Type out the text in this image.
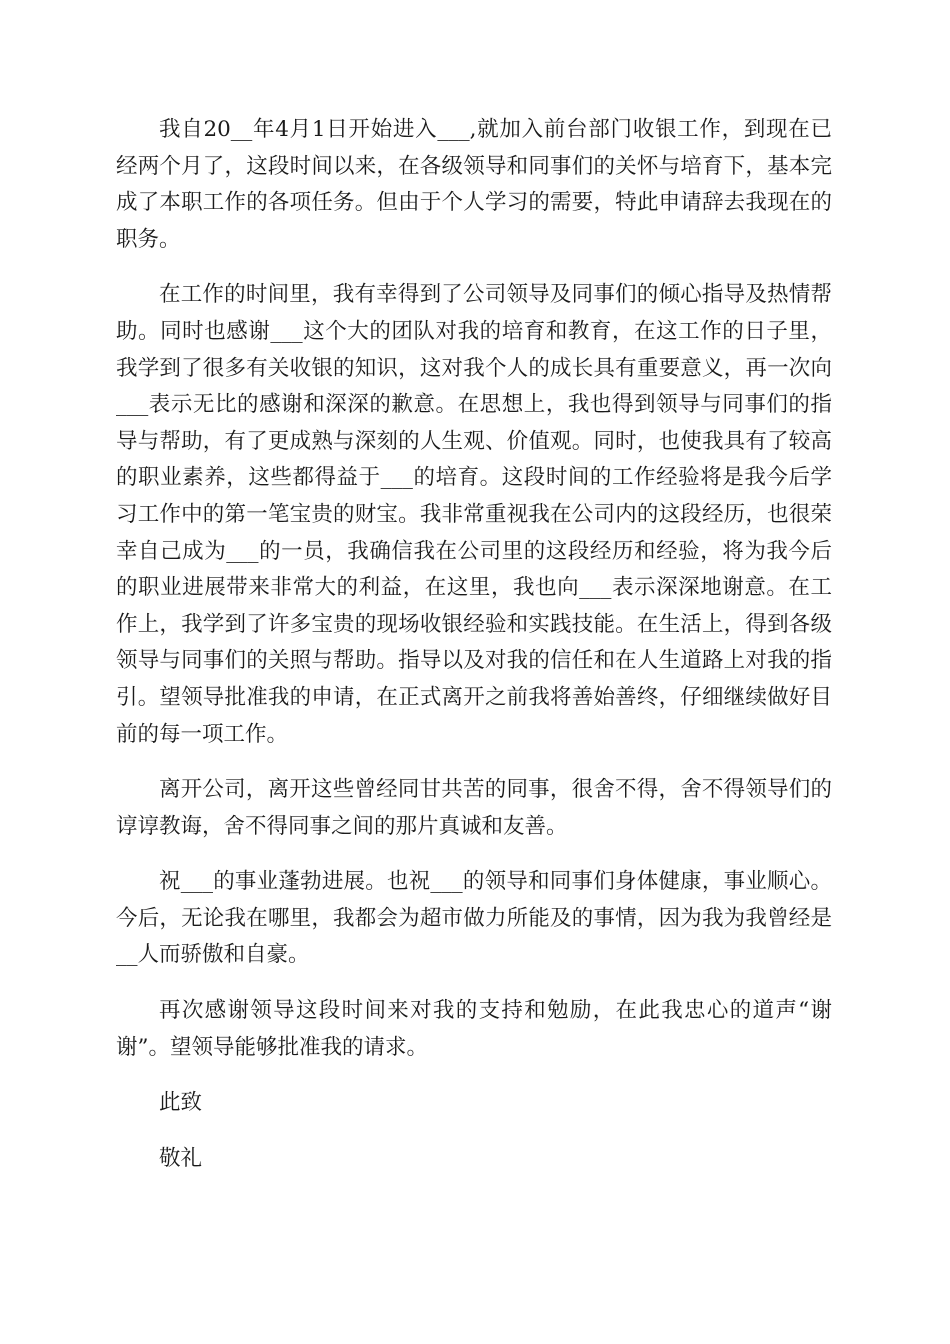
我自20__年4月1日开始进入___,就加入前台部门收银工作，到现在已经两个月了，这段时间以来，在各级领导和同事们的关怀与培育下，基本完成了本职工作的各项任务。但由于个人学习的需要，特此申请辞去我现在的职务。

在工作的时间里，我有幸得到了公司领导及同事们的倾心指导及热情帮助。同时也感谢___这个大的团队对我的培育和教育，在这工作的日子里，我学到了很多有关收银的知识，这对我个人的成长具有重要意义，再一次向___表示无比的感谢和深深的歉意。在思想上，我也得到领导与同事们的指导与帮助，有了更成熟与深刻的人生观、价值观。同时，也使我具有了较高的职业素养，这些都得益于___的培育。这段时间的工作经验将是我今后学习工作中的第一笔宝贵的财宝。我非常重视我在公司内的这段经历，也很荣幸自己成为___的一员，我确信我在公司里的这段经历和经验，将为我今后的职业进展带来非常大的利益，在这里，我也向___表示深深地谢意。在工作上，我学到了许多宝贵的现场收银经验和实践技能。在生活上，得到各级领导与同事们的关照与帮助。指导以及对我的信任和在人生道路上对我的指引。望领导批准我的申请，在正式离开之前我将善始善终，仔细继续做好目前的每一项工作。

离开公司，离开这些曾经同甘共苦的同事，很舍不得，舍不得领导们的谆谆教诲，舍不得同事之间的那片真诚和友善。

祝___的事业蓬勃进展。也祝___的领导和同事们身体健康，事业顺心。今后，无论我在哪里，我都会为超市做力所能及的事情，因为我为我曾经是__人而骄傲和自豪。

再次感谢领导这段时间来对我的支持和勉励，在此我忠心的道声“谢谢”。望领导能够批准我的请求。

此致

敬礼
